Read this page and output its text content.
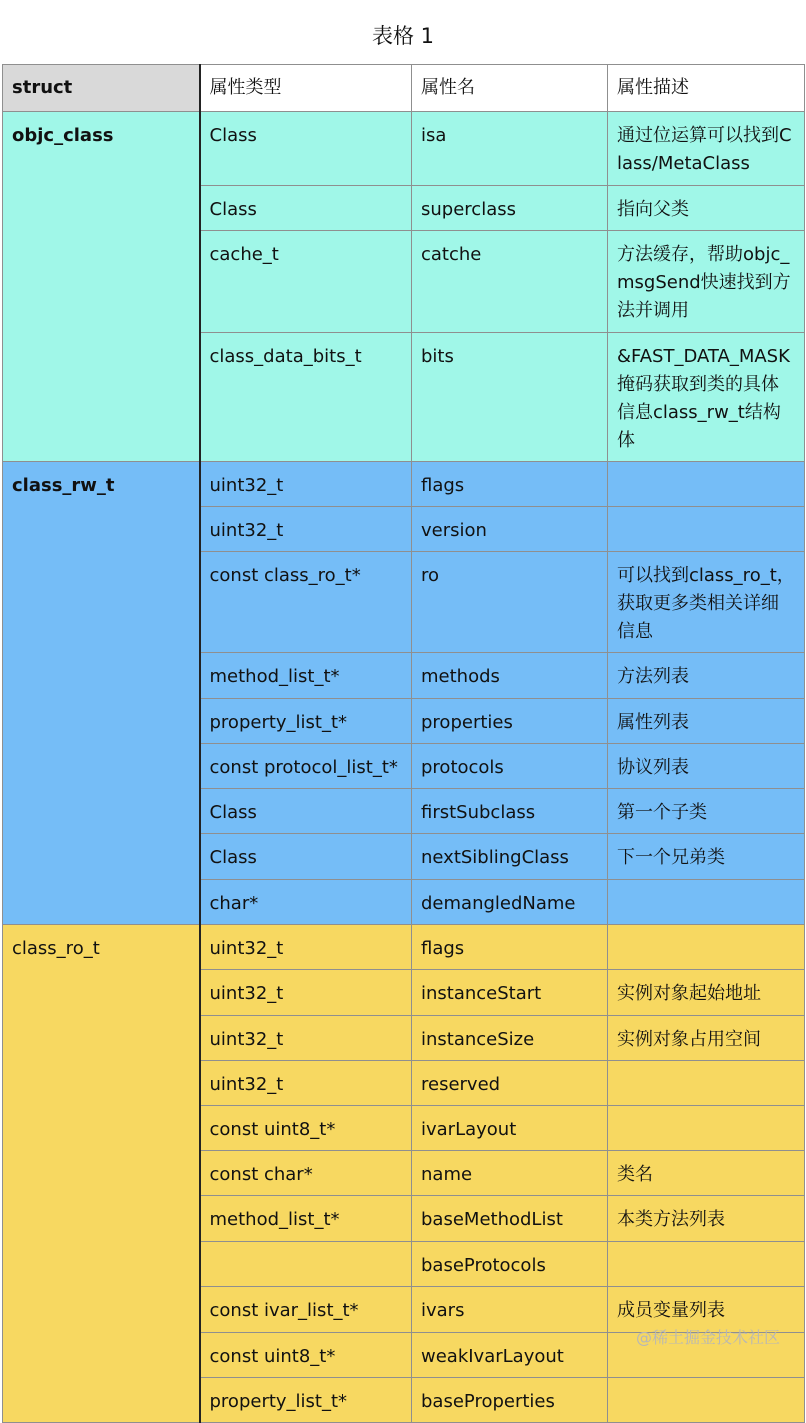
表格 1
struct	属性类型	属性名	属性描述
objc_class	Class	isa	通过位运算可以找到Class/MetaClass
	Class	superclass	指向父类
	cache_t	catche	方法缓存，帮助objc_msgSend快速找到方法并调用
	class_data_bits_t	bits	&FAST_DATA_MASK掩码获取到类的具体信息class_rw_t结构体
class_rw_t	uint32_t	flags	
	uint32_t	version	
	const class_ro_t*	ro	可以找到class_ro_t，获取更多类相关详细信息
	method_list_t*	methods	方法列表
	property_list_t*	properties	属性列表
	const protocol_list_t*	protocols	协议列表
	Class	firstSubclass	第一个子类
	Class	nextSiblingClass	下一个兄弟类
	char*	demangledName	
class_ro_t	uint32_t	flags	
	uint32_t	instanceStart	实例对象起始地址
	uint32_t	instanceSize	实例对象占用空间
	uint32_t	reserved	
	const uint8_t*	ivarLayout	
	const char*	name	类名
	method_list_t*	baseMethodList	本类方法列表
		baseProtocols	
	const ivar_list_t*	ivars	成员变量列表
	const uint8_t*	weakIvarLayout	
	property_list_t*	baseProperties	
@稀土掘金技术社区
